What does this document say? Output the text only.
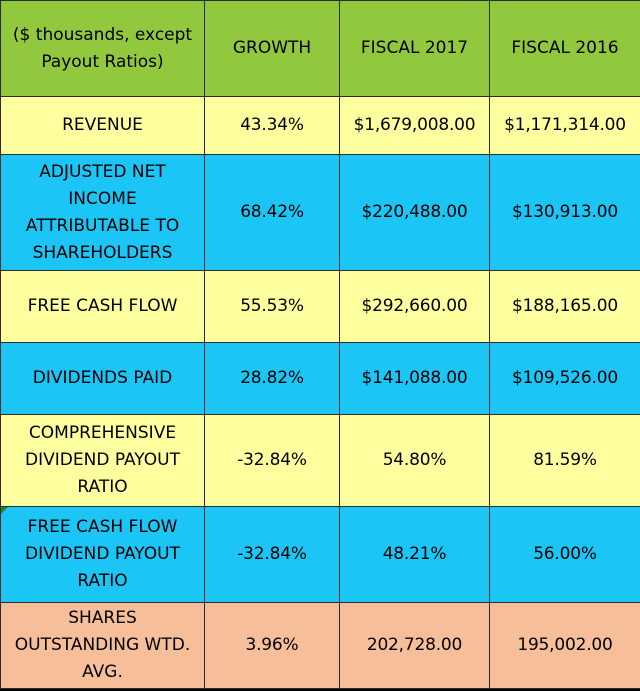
($ thousands, except Payout Ratios)	GROWTH	FISCAL 2017	FISCAL 2016
REVENUE	43.34%	$1,679,008.00	$1,171,314.00
ADJUSTED NET INCOME ATTRIBUTABLE TO SHAREHOLDERS	68.42%	$220,488.00	$130,913.00
FREE CASH FLOW	55.53%	$292,660.00	$188,165.00
DIVIDENDS PAID	28.82%	$141,088.00	$109,526.00
COMPREHENSIVE DIVIDEND PAYOUT RATIO	-32.84%	54.80%	81.59%
FREE CASH FLOW DIVIDEND PAYOUT RATIO	-32.84%	48.21%	56.00%
SHARES OUTSTANDING WTD. AVG.	3.96%	202,728.00	195,002.00
